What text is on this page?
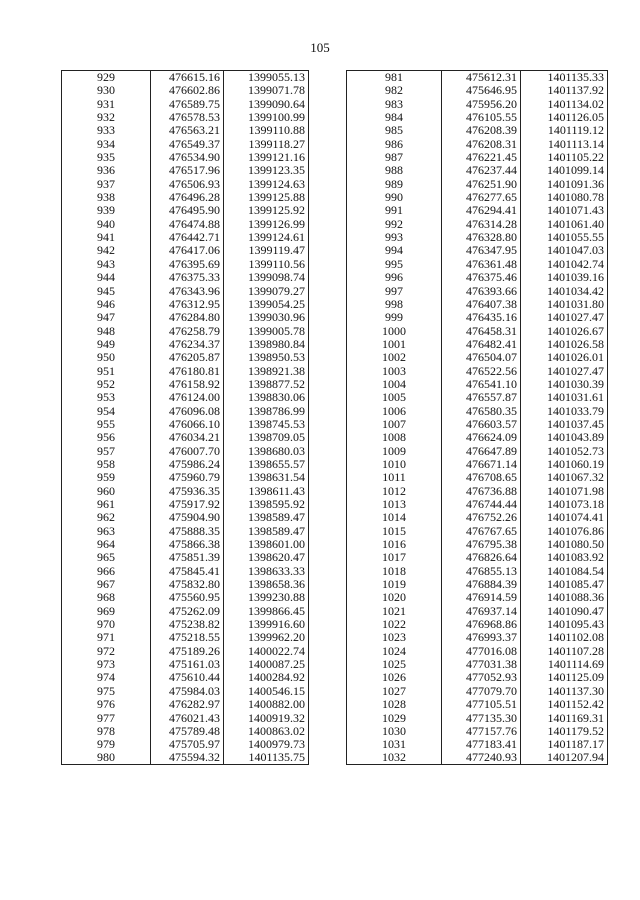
105
929	476615.16	1399055.13
930	476602.86	1399071.78
931	476589.75	1399090.64
932	476578.53	1399100.99
933	476563.21	1399110.88
934	476549.37	1399118.27
935	476534.90	1399121.16
936	476517.96	1399123.35
937	476506.93	1399124.63
938	476496.28	1399125.88
939	476495.90	1399125.92
940	476474.88	1399126.99
941	476442.71	1399124.61
942	476417.06	1399119.47
943	476395.69	1399110.56
944	476375.33	1399098.74
945	476343.96	1399079.27
946	476312.95	1399054.25
947	476284.80	1399030.96
948	476258.79	1399005.78
949	476234.37	1398980.84
950	476205.87	1398950.53
951	476180.81	1398921.38
952	476158.92	1398877.52
953	476124.00	1398830.06
954	476096.08	1398786.99
955	476066.10	1398745.53
956	476034.21	1398709.05
957	476007.70	1398680.03
958	475986.24	1398655.57
959	475960.79	1398631.54
960	475936.35	1398611.43
961	475917.92	1398595.92
962	475904.90	1398589.47
963	475888.35	1398589.47
964	475866.38	1398601.00
965	475851.39	1398620.47
966	475845.41	1398633.33
967	475832.80	1398658.36
968	475560.95	1399230.88
969	475262.09	1399866.45
970	475238.82	1399916.60
971	475218.55	1399962.20
972	475189.26	1400022.74
973	475161.03	1400087.25
974	475610.44	1400284.92
975	475984.03	1400546.15
976	476282.97	1400882.00
977	476021.43	1400919.32
978	475789.48	1400863.02
979	475705.97	1400979.73
980	475594.32	1401135.75
981	475612.31	1401135.33
982	475646.95	1401137.92
983	475956.20	1401134.02
984	476105.55	1401126.05
985	476208.39	1401119.12
986	476208.31	1401113.14
987	476221.45	1401105.22
988	476237.44	1401099.14
989	476251.90	1401091.36
990	476277.65	1401080.78
991	476294.41	1401071.43
992	476314.28	1401061.40
993	476328.80	1401055.55
994	476347.95	1401047.03
995	476361.48	1401042.74
996	476375.46	1401039.16
997	476393.66	1401034.42
998	476407.38	1401031.80
999	476435.16	1401027.47
1000	476458.31	1401026.67
1001	476482.41	1401026.58
1002	476504.07	1401026.01
1003	476522.56	1401027.47
1004	476541.10	1401030.39
1005	476557.87	1401031.61
1006	476580.35	1401033.79
1007	476603.57	1401037.45
1008	476624.09	1401043.89
1009	476647.89	1401052.73
1010	476671.14	1401060.19
1011	476708.65	1401067.32
1012	476736.88	1401071.98
1013	476744.44	1401073.18
1014	476752.26	1401074.41
1015	476767.65	1401076.86
1016	476795.38	1401080.50
1017	476826.64	1401083.92
1018	476855.13	1401084.54
1019	476884.39	1401085.47
1020	476914.59	1401088.36
1021	476937.14	1401090.47
1022	476968.86	1401095.43
1023	476993.37	1401102.08
1024	477016.08	1401107.28
1025	477031.38	1401114.69
1026	477052.93	1401125.09
1027	477079.70	1401137.30
1028	477105.51	1401152.42
1029	477135.30	1401169.31
1030	477157.76	1401179.52
1031	477183.41	1401187.17
1032	477240.93	1401207.94
